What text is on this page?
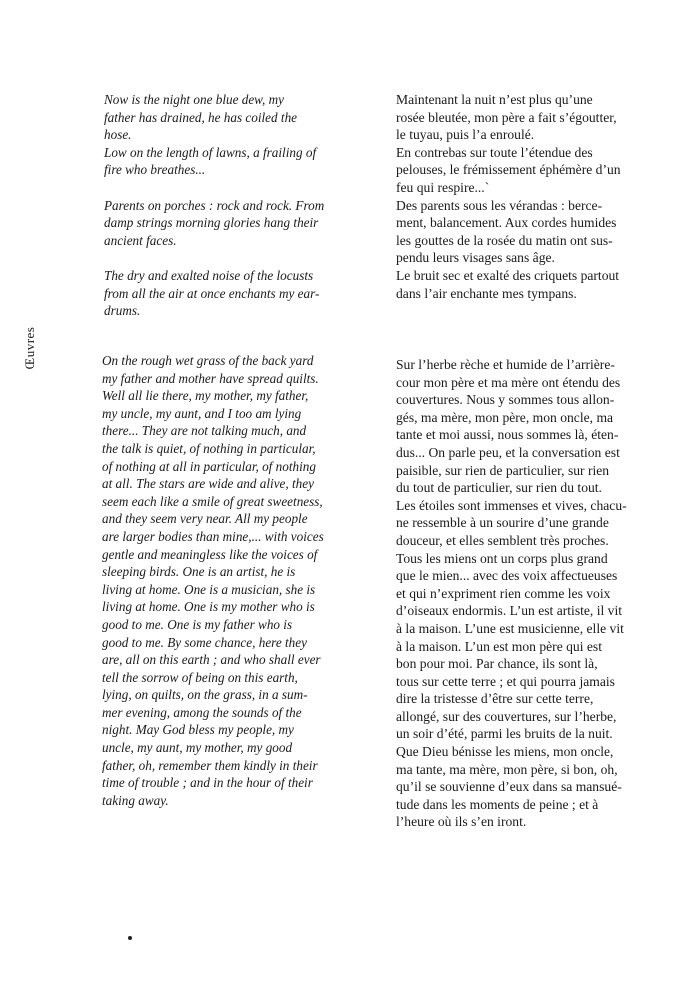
Œuvres
Now is the night one blue dew, my
father has drained, he has coiled the
hose.
Low on the length of lawns, a frailing of
fire who breathes...
Parents on porches : rock and rock. From
damp strings morning glories hang their
ancient faces.
The dry and exalted noise of the locusts
from all the air at once enchants my ear-
drums.
Maintenant la nuit n’est plus qu’une
rosée bleutée, mon père a fait s’égoutter,
le tuyau, puis l’a enroulé.
En contrebas sur toute l’étendue des
pelouses, le frémissement éphémère d’un
feu qui respire...`
Des parents sous les vérandas : berce-
ment, balancement. Aux cordes humides
les gouttes de la rosée du matin ont sus-
pendu leurs visages sans âge.
Le bruit sec et exalté des criquets partout
dans l’air enchante mes tympans.
On the rough wet grass of the back yard
my father and mother have spread quilts.
Well all lie there, my mother, my father,
my uncle, my aunt, and I too am lying
there... They are not talking much, and
the talk is quiet, of nothing in particular,
of nothing at all in particular, of nothing
at all. The stars are wide and alive, they
seem each like a smile of great sweetness,
and they seem very near. All my people
are larger bodies than mine,... with voices
gentle and meaningless like the voices of
sleeping birds. One is an artist, he is
living at home. One is a musician, she is
living at home. One is my mother who is
good to me. One is my father who is
good to me. By some chance, here they
are, all on this earth ; and who shall ever
tell the sorrow of being on this earth,
lying, on quilts, on the grass, in a sum-
mer evening, among the sounds of the
night. May God bless my people, my
uncle, my aunt, my mother, my good
father, oh, remember them kindly in their
time of trouble ; and in the hour of their
taking away.
Sur l’herbe rèche et humide de l’arrière-
cour mon père et ma mère ont étendu des
couvertures. Nous y sommes tous allon-
gés, ma mère, mon père, mon oncle, ma
tante et moi aussi, nous sommes là, éten-
dus... On parle peu, et la conversation est
paisible, sur rien de particulier, sur rien
du tout de particulier, sur rien du tout.
Les étoiles sont immenses et vives, chacu-
ne ressemble à un sourire d’une grande
douceur, et elles semblent très proches.
Tous les miens ont un corps plus grand
que le mien... avec des voix affectueuses
et qui n’expriment rien comme les voix
d’oiseaux endormis. L’un est artiste, il vit
à la maison. L’une est musicienne, elle vit
à la maison. L’un est mon père qui est
bon pour moi. Par chance, ils sont là,
tous sur cette terre ; et qui pourra jamais
dire la tristesse d’être sur cette terre,
allongé, sur des couvertures, sur l’herbe,
un soir d’été, parmi les bruits de la nuit.
Que Dieu bénisse les miens, mon oncle,
ma tante, ma mère, mon père, si bon, oh,
qu’il se souvienne d’eux dans sa mansué-
tude dans les moments de peine ; et à
l’heure où ils s’en iront.
